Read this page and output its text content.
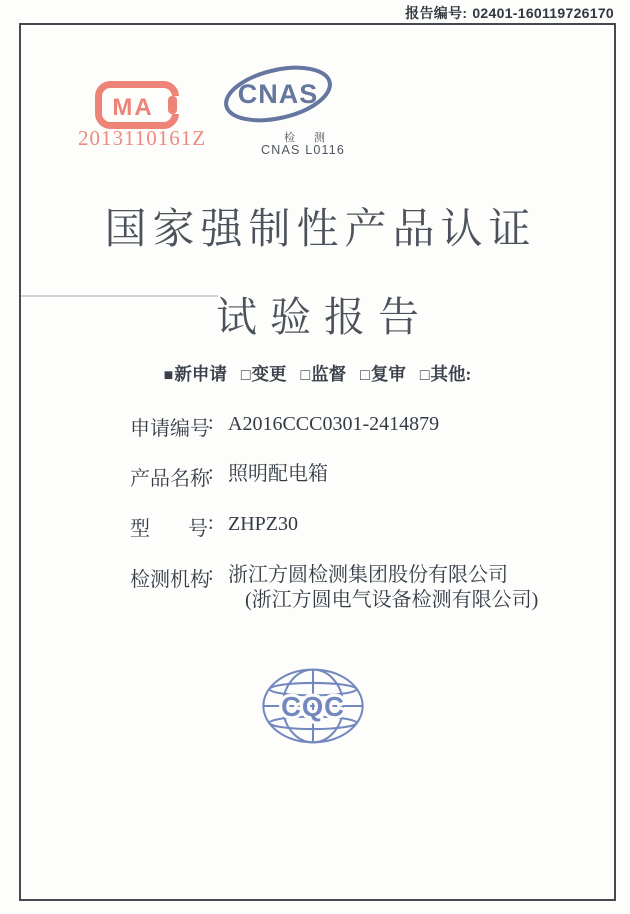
报告编号: 02401-160119726170
MA
2013110161Z
CNAS
检 测
CNAS L0116
国家强制性产品认证
试验报告
■ 新申请 □ 变更 □ 监督 □ 复审 □ 其他:
申请编号
: A2016CCC0301-2414879
产品名称
: 照明配电箱
型号 : ZHPZ30
检测机构
: 浙江方圆检测集团股份有限公司
(浙江方圆电气设备检测有限公司)
CQC
